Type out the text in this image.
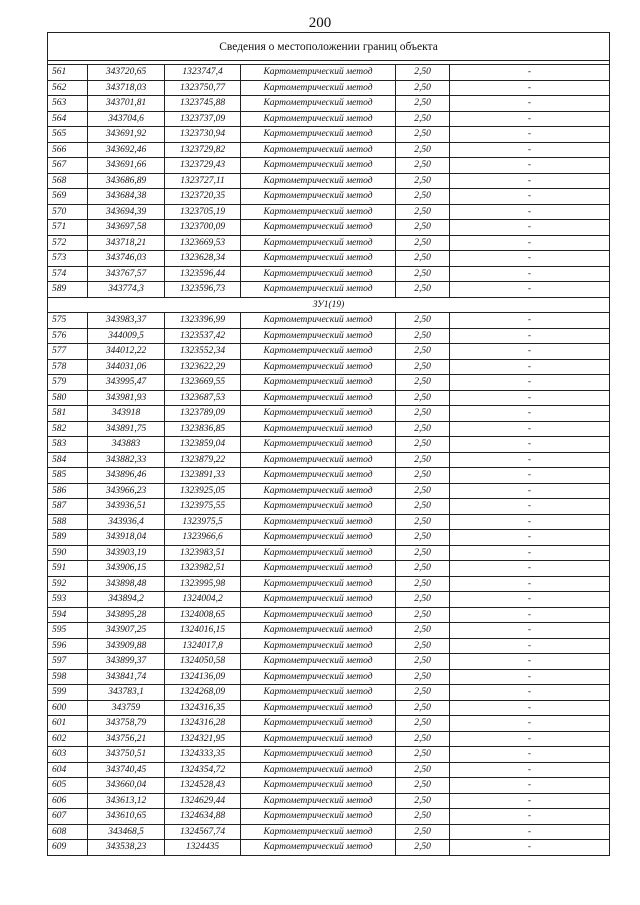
200
Сведения о местоположении границ объекта					

561	343720,65	1323747,4	Картометрический метод	2,50	-
562	343718,03	1323750,77	Картометрический метод	2,50	-
563	343701,81	1323745,88	Картометрический метод	2,50	-
564	343704,6	1323737,09	Картометрический метод	2,50	-
565	343691,92	1323730,94	Картометрический метод	2,50	-
566	343692,46	1323729,82	Картометрический метод	2,50	-
567	343691,66	1323729,43	Картометрический метод	2,50	-
568	343686,89	1323727,11	Картометрический метод	2,50	-
569	343684,38	1323720,35	Картометрический метод	2,50	-
570	343694,39	1323705,19	Картометрический метод	2,50	-
571	343697,58	1323700,09	Картометрический метод	2,50	-
572	343718,21	1323669,53	Картометрический метод	2,50	-
573	343746,03	1323628,34	Картометрический метод	2,50	-
574	343767,57	1323596,44	Картометрический метод	2,50	-
589	343774,3	1323596,73	Картометрический метод	2,50	-
ЗУ1(19)					
575	343983,37	1323396,99	Картометрический метод	2,50	-
576	344009,5	1323537,42	Картометрический метод	2,50	-
577	344012,22	1323552,34	Картометрический метод	2,50	-
578	344031,06	1323622,29	Картометрический метод	2,50	-
579	343995,47	1323669,55	Картометрический метод	2,50	-
580	343981,93	1323687,53	Картометрический метод	2,50	-
581	343918	1323789,09	Картометрический метод	2,50	-
582	343891,75	1323836,85	Картометрический метод	2,50	-
583	343883	1323859,04	Картометрический метод	2,50	-
584	343882,33	1323879,22	Картометрический метод	2,50	-
585	343896,46	1323891,33	Картометрический метод	2,50	-
586	343966,23	1323925,05	Картометрический метод	2,50	-
587	343936,51	1323975,55	Картометрический метод	2,50	-
588	343936,4	1323975,5	Картометрический метод	2,50	-
589	343918,04	1323966,6	Картометрический метод	2,50	-
590	343903,19	1323983,51	Картометрический метод	2,50	-
591	343906,15	1323982,51	Картометрический метод	2,50	-
592	343898,48	1323995,98	Картометрический метод	2,50	-
593	343894,2	1324004,2	Картометрический метод	2,50	-
594	343895,28	1324008,65	Картометрический метод	2,50	-
595	343907,25	1324016,15	Картометрический метод	2,50	-
596	343909,88	1324017,8	Картометрический метод	2,50	-
597	343899,37	1324050,58	Картометрический метод	2,50	-
598	343841,74	1324136,09	Картометрический метод	2,50	-
599	343783,1	1324268,09	Картометрический метод	2,50	-
600	343759	1324316,35	Картометрический метод	2,50	-
601	343758,79	1324316,28	Картометрический метод	2,50	-
602	343756,21	1324321,95	Картометрический метод	2,50	-
603	343750,51	1324333,35	Картометрический метод	2,50	-
604	343740,45	1324354,72	Картометрический метод	2,50	-
605	343660,04	1324528,43	Картометрический метод	2,50	-
606	343613,12	1324629,44	Картометрический метод	2,50	-
607	343610,65	1324634,88	Картометрический метод	2,50	-
608	343468,5	1324567,74	Картометрический метод	2,50	-
609	343538,23	1324435	Картометрический метод	2,50	-
